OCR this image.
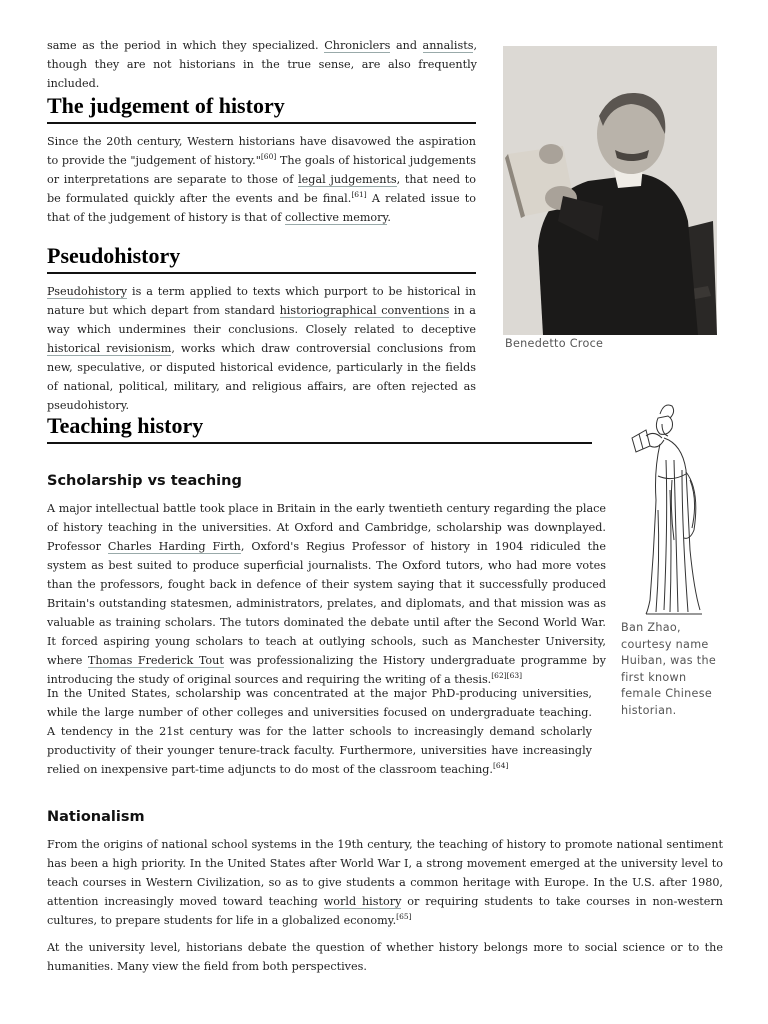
same as the period in which they specialized. Chroniclers and annalists, though they are not historians in the true sense, are also frequently included.

The judgement of history

Since the 20th century, Western historians have disavowed the aspiration to provide the "judgement of history."[60] The goals of historical judgements or interpretations are separate to those of legal judgements, that need to be formulated quickly after the events and be final.[61] A related issue to that of the judgement of history is that of collective memory.

Pseudohistory

Pseudohistory is a term applied to texts which purport to be historical in nature but which depart from standard historiographical conventions in a way which undermines their conclusions. Closely related to deceptive historical revisionism, works which draw controversial conclusions from new, speculative, or disputed historical evidence, particularly in the fields of national, political, military, and religious affairs, are often rejected as pseudohistory.

Benedetto Croce
Teaching history
Scholarship vs teaching

A major intellectual battle took place in Britain in the early twentieth century regarding the place of history teaching in the universities. At Oxford and Cambridge, scholarship was downplayed. Professor Charles Harding Firth, Oxford's Regius Professor of history in 1904 ridiculed the system as best suited to produce superficial journalists. The Oxford tutors, who had more votes than the professors, fought back in defence of their system saying that it successfully produced Britain's outstanding statesmen, administrators, prelates, and diplomats, and that mission was as valuable as training scholars. The tutors dominated the debate until after the Second World War. It forced aspiring young scholars to teach at outlying schools, such as Manchester University, where Thomas Frederick Tout was professionalizing the History undergraduate programme by introducing the study of original sources and requiring the writing of a thesis.[62][63]

In the United States, scholarship was concentrated at the major PhD-producing universities, while the large number of other colleges and universities focused on undergraduate teaching. A tendency in the 21st century was for the latter schools to increasingly demand scholarly productivity of their younger tenure-track faculty. Furthermore, universities have increasingly relied on inexpensive part-time adjuncts to do most of the classroom teaching.[64]

Ban Zhao, courtesy name Huiban, was the first known female Chinese historian.
Nationalism

From the origins of national school systems in the 19th century, the teaching of history to promote national sentiment has been a high priority. In the United States after World War I, a strong movement emerged at the university level to teach courses in Western Civilization, so as to give students a common heritage with Europe. In the U.S. after 1980, attention increasingly moved toward teaching world history or requiring students to take courses in non-western cultures, to prepare students for life in a globalized economy.[65]

At the university level, historians debate the question of whether history belongs more to social science or to the humanities. Many view the field from both perspectives.
